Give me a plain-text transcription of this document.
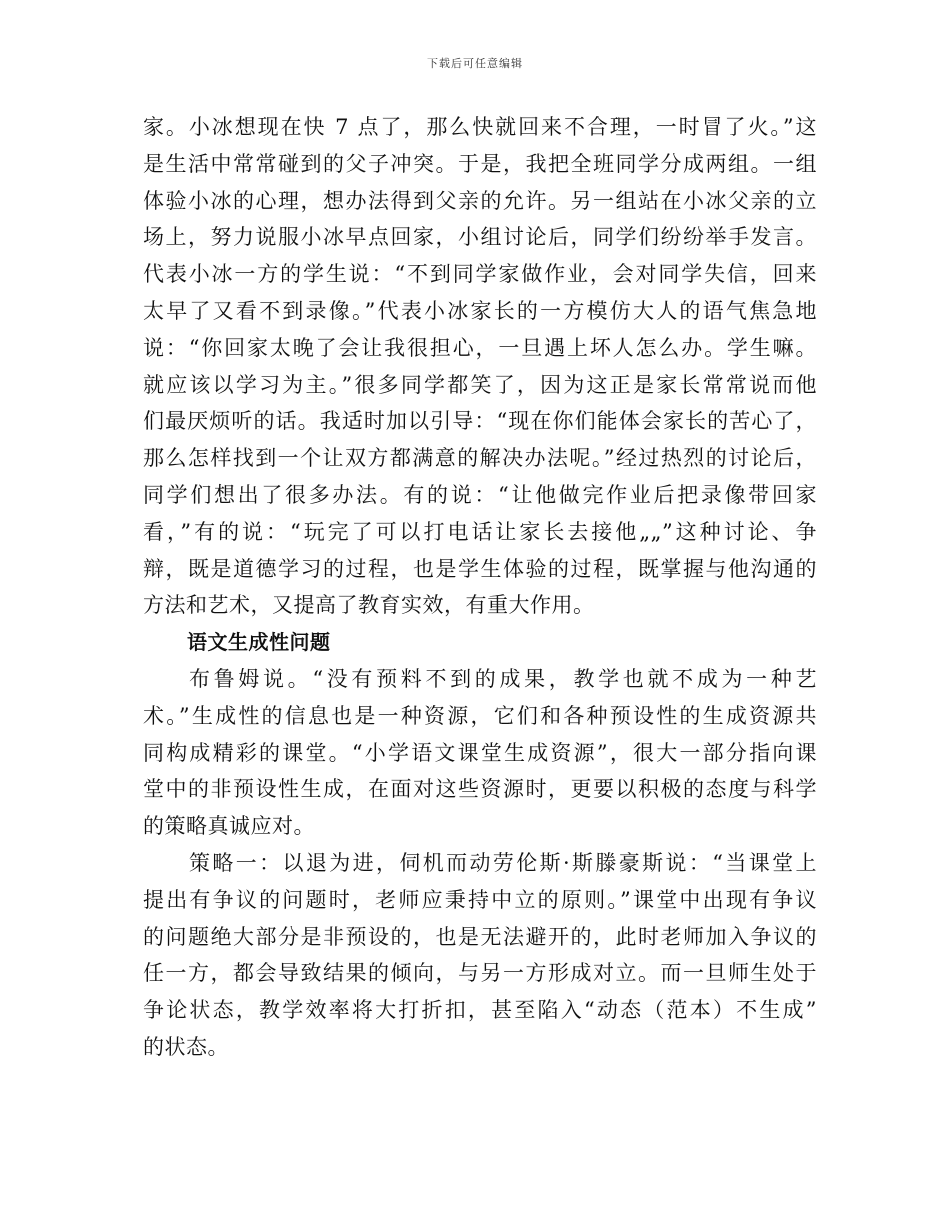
下载后可任意编辑
家。小冰想现在快 7 点了，那么快就回来不合理，一时冒了火。”这
是生活中常常碰到的父子冲突。于是，我把全班同学分成两组。一组
体验小冰的心理，想办法得到父亲的允许。另一组站在小冰父亲的立
场上，努力说服小冰早点回家，小组讨论后，同学们纷纷举手发言。
代表小冰一方的学生说：“不到同学家做作业，会对同学失信，回来
太早了又看不到录像。”代表小冰家长的一方模仿大人的语气焦急地
说：“你回家太晚了会让我很担心，一旦遇上坏人怎么办。学生嘛。
就应该以学习为主。”很多同学都笑了，因为这正是家长常常说而他
们最厌烦听的话。我适时加以引导：“现在你们能体会家长的苦心了，
那么怎样找到一个让双方都满意的解决办法呢。”经过热烈的讨论后，
同学们想出了很多办法。有的说：“让他做完作业后把录像带回家
看，”有的说：“玩完了可以打电话让家长去接他„„”这种讨论、争
辩，既是道德学习的过程，也是学生体验的过程，既掌握与他沟通的
方法和艺术，又提高了教育实效，有重大作用。
语文生成性问题
布鲁姆说。“没有预料不到的成果，教学也就不成为一种艺
术。”生成性的信息也是一种资源，它们和各种预设性的生成资源共
同构成精彩的课堂。“小学语文课堂生成资源”，很大一部分指向课
堂中的非预设性生成，在面对这些资源时，更要以积极的态度与科学
的策略真诚应对。
策略一：以退为进，伺机而动劳伦斯·斯滕豪斯说：“当课堂上
提出有争议的问题时，老师应秉持中立的原则。”课堂中出现有争议
的问题绝大部分是非预设的，也是无法避开的，此时老师加入争议的
任一方，都会导致结果的倾向，与另一方形成对立。而一旦师生处于
争论状态，教学效率将大打折扣，甚至陷入“动态（范本）不生成”
的状态。
